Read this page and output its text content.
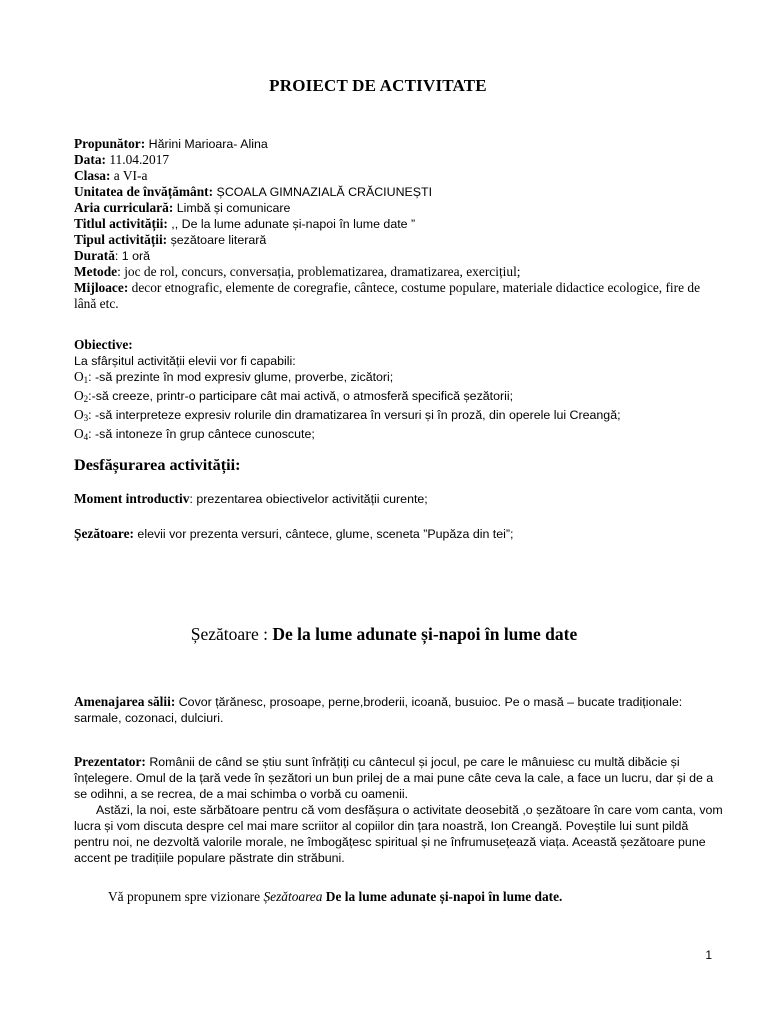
PROIECT DE ACTIVITATE
Propunător: Hărini Marioara- Alina
Data: 11.04.2017
Clasa: a VI-a
Unitatea de învățământ: ȘCOALA GIMNAZIALĂ CRĂCIUNEȘTI
Aria curriculară: Limbă și comunicare
Titlul activității: ,, De la lume adunate și-napoi în lume date ”
Tipul activității: șezătoare literară
Durată: 1 oră
Metode: joc de rol, concurs, conversația, problematizarea, dramatizarea, exercițiul;
Mijloace: decor etnografic, elemente de coregrafie, cântece, costume populare, materiale didactice ecologice, fire de lână etc.
Obiective:
La sfârșitul activității elevii vor fi capabili:
$O_1$: -să prezinte în mod expresiv glume, proverbe, zicători;
$O_2:-să$ creeze, printr-o participare cât mai activă, o atmosferă specifică șezătorii;
$O_3$: -să interpreteze expresiv rolurile din dramatizarea în versuri și în proză, din operele lui Creangă;
$O_4$: -să intoneze în grup cântece cunoscute;
Desfășurarea activității:
Moment introductiv: prezentarea obiectivelor activității curente;
Șezătoare: elevii vor prezenta versuri, cântece, glume, sceneta ”Pupăza din tei”;
Șezătoare : De la lume adunate și-napoi în lume date
Amenajarea sălii: Covor țărănesc, prosoape, perne,broderii, icoană, busuioc. Pe o masă – bucate tradiționale: sarmale, cozonaci, dulciuri.
Prezentator: Românii de când se știu sunt înfrățiți cu cântecul și jocul, pe care le mânuiesc cu multă dibăcie și înțelegere. Omul de la țară vede în șezători un bun prilej de a mai pune câte ceva la cale, a face un lucru, dar și de a se odihni, a se recrea, de a mai schimba o vorbă cu oamenii.
Astăzi, la noi, este sărbătoare pentru că vom desfășura o activitate deosebită ,o șezătoare în care vom canta, vom lucra și vom discuta despre cel mai mare scriitor al copiilor din țara noastră, Ion Creangă. Poveștile lui sunt pildă pentru noi, ne dezvoltă valorile morale, ne îmbogățesc spiritual și ne înfrumusețează viața. Această șezătoare pune accent pe tradițiile populare păstrate din străbuni.
Vă propunem spre vizionare Șezătoarea De la lume adunate și-napoi în lume date.
1
